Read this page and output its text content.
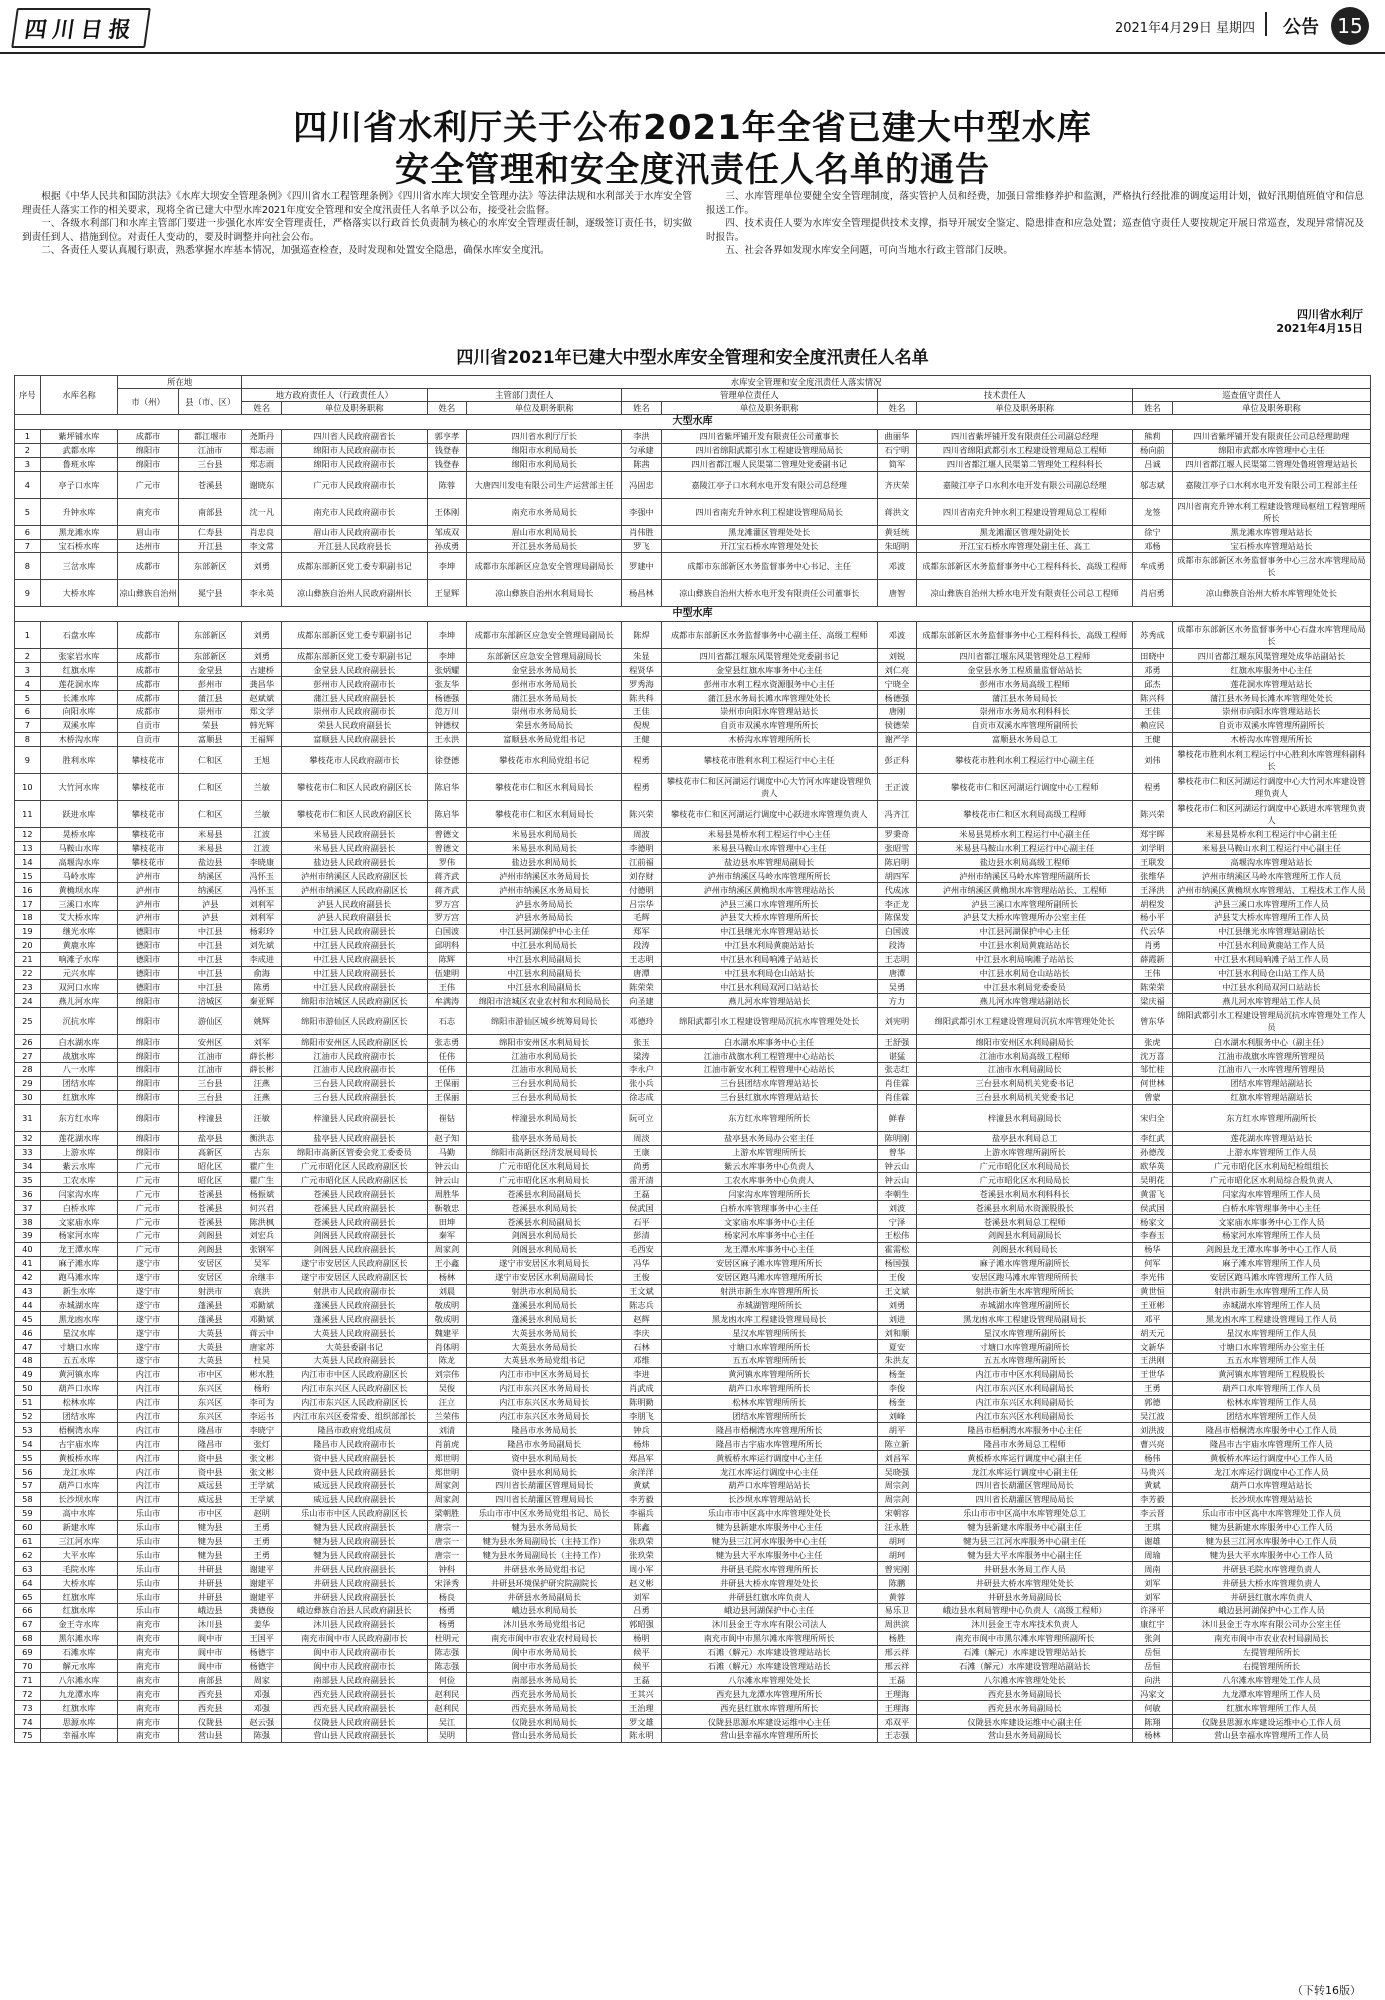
四川日报	2021年4月29日 星期四 公告 15
四川省水利厅关于公布2021年全省已建大中型水库
安全管理和安全度汛责任人名单的通告

根据《中华人民共和国防洪法》《水库大坝安全管理条例》《四川省水工程管理条例》《四川省水库大坝安全管理办法》等法律法规和水利部关于水库安全管理责任人落实工作的相关要求，现将全省已建大中型水库2021年度安全管理和安全度汛责任人名单予以公布，接受社会监督。

一、各级水利部门和水库主管部门要进一步强化水库安全管理责任，严格落实以行政首长负责制为核心的水库安全管理责任制，逐级签订责任书，切实做到责任到人、措施到位。对责任人变动的，要及时调整并向社会公布。

二、各责任人要认真履行职责，熟悉掌握水库基本情况，加强巡查检查，及时发现和处置安全隐患，确保水库安全度汛。

三、水库管理单位要健全安全管理制度，落实管护人员和经费，加强日常维修养护和监测，严格执行经批准的调度运用计划，做好汛期值班值守和信息报送工作。

四、技术责任人要为水库安全管理提供技术支撑，指导开展安全鉴定、隐患排查和应急处置；巡查值守责任人要按规定开展日常巡查，发现异常情况及时报告。

五、社会各界如发现水库安全问题，可向当地水行政主管部门反映。

四川省水利厅
2021年4月15日
四川省2021年已建大中型水库安全管理和安全度汛责任人名单
序号	水库名称	所在地		水库安全管理和安全度汛责任人落实情况									
		市（州）	县（市、区）	地方政府责任人（行政责任人）		主管部门责任人		管理单位责任人		技术责任人		巡查值守责任人	
				姓名	单位及职务职称	姓名	单位及职务职称	姓名	单位及职务职称	姓名	单位及职务职称	姓名	单位及职务职称
大型水库													
1	紫坪铺水库	成都市	都江堰市	尧斯丹	四川省人民政府副省长	郭亨孝	四川省水利厅厅长	李洪	四川省紫坪铺开发有限责任公司董事长	曲丽华	四川省紫坪铺开发有限责任公司副总经理	熊莉	四川省紫坪铺开发有限责任公司总经理助理
2	武都水库	绵阳市	江油市	郑志雨	绵阳市人民政府副市长	钱登春	绵阳市水利局局长	匀承建	四川省绵阳武都引水工程建设管理局局长	石宁明	四川省绵阳武都引水工程建设管理局总工程师	杨向前	绵阳市武都水库管理中心主任
3	鲁班水库	绵阳市	三台县	郑志雨	绵阳市人民政府副市长	钱登春	绵阳市水利局局长	陈茜	四川省都江堰人民渠第二管理处党委副书记	简军	四川省都江堰人民渠第二管理处工程科科长	吕诚	四川省都江堰人民渠第二管理处鲁班管理站站长
4	亭子口水库	广元市	苍溪县	谢晓东	广元市人民政府副市长	陈蓉	大唐四川发电有限公司生产运营部主任	冯固忠	嘉陵江亭子口水利水电开发有限公司总经理	齐庆荣	嘉陵江亭子口水利水电开发有限公司副总经理	邬志斌	嘉陵江亭子口水利水电开发有限公司工程部主任
5	升钟水库	南充市	南部县	沈一凡	南充市人民政府副市长	王体刚	南充市水务局局长	李强中	四川省南充升钟水利工程建设管理局局长	蒋洪文	四川省南充升钟水利工程建设管理局总工程师	龙签	四川省南充升钟水利工程建设管理局枢纽工程管理所所长
6	黑龙滩水库	眉山市	仁寿县	肖忠良	眉山市人民政府副市长	邹成双	眉山市水利局局长	肖伟胜	黑龙滩灌区管理处处长	黄廷统	黑龙滩灌区管理处副处长	徐宁	黑龙滩水库管理站站长
7	宝石桥水库	达州市	开江县	李文常	开江县人民政府县长	孙成勇	开江县水务局局长	罗飞	开江宝石桥水库管理处处长	朱昭明	开江宝石桥水库管理处副主任、高工	邓杨	宝石桥水库管理站站长
8	三岔水库	成都市	东部新区	刘勇	成都东部新区党工委专职副书记	李坤	成都市东部新区应急安全管理局副局长	罗建中	成都市东部新区水务监督事务中心书记、主任	邓波	成都东部新区水务监督事务中心工程科科长、高级工程师	牟成勇	成都市东部新区水务监督事务中心三岔水库管理局局长
9	大桥水库	凉山彝族自治州	冕宁县	李永英	凉山彝族自治州人民政府副州长	王显辉	凉山彝族自治州水利局局长	杨昌林	凉山彝族自治州大桥水电开发有限责任公司董事长	唐智	凉山彝族自治州大桥水电开发有限责任公司总工程师	肖启勇	凉山彝族自治州大桥水库管理处处长
中型水库													
1	石盘水库	成都市	东部新区	刘勇	成都东部新区党工委专职副书记	李坤	成都市东部新区应急安全管理局副局长	陈焊	成都市东部新区水务监督事务中心副主任、高级工程师	邓波	成都东部新区水务监督事务中心工程科科长、高级工程师	苏秀成	成都市东部新区水务监督事务中心石盘水库管理局局长
2	张家岩水库	成都市	东部新区	刘勇	成都东部新区党工委专职副书记	李坤	东部新区应急安全管理局副局长	朱显	四川省都江堰东风渠管理处党委副书记	刘锐	四川省都江堰东风渠管理处总工程师	田晓中	四川省都江堰东风渠管理处成华站副站长
3	红旗水库	成都市	金堂县	古建桥	金堂县人民政府副县长	张炳耀	金堂县水务局局长	程贤华	金堂县红旗水库事务中心主任	刘仁亮	金堂县水务工程质量监督站站长	邓勇	红旗水库服务中心主任
4	莲花洞水库	成都市	彭州市	龚昌华	彭州市人民政府副市长	张友华	彭州市水务局局长	罗秀海	彭州市水利工程水资源服务中心主任	宁晓全	彭州市水务局高级工程师	邱杰	莲花洞水库管理站站长
5	长滩水库	成都市	蒲江县	赵斌斌	蒲江县人民政府副县长	杨德强	蒲江县水务局局长	陈共科	蒲江县水务局长滩水库管理处处长	杨德强	蒲江县水务局局长	陈兴科	蒲江县水务局长滩水库管理处处长
6	向阳水库	成都市	崇州市	郑文学	崇州市人民政府副市长	范万川	崇州市水务局局长	王佳	崇州市向阳水库管理站站长	唐刚	崇州市水务局水利科科长	王佳	崇州市向阳水库管理站站长
7	双溪水库	自贡市	荣县	韩光辉	荣县人民政府副县长	钟德权	荣县水务局局长	倪规	自贡市双溪水库管理所所长	侯德荣	自贡市双溪水库管理所副所长	赖应民	自贡市双溪水库管理所副所长
8	木桥沟水库	自贡市	富顺县	王福辉	富顺县人民政府副县长	王永洪	富顺县水务局党组书记	王健	木桥沟水库管理所所长	谢严学	富顺县水务局总工	王健	木桥沟水库管理所所长
9	胜利水库	攀枝花市	仁和区	王旭	攀枝花市人民政府副市长	徐登德	攀枝花市水利局党组书记	程勇	攀枝花市胜利水利工程运行中心主任	彭正科	攀枝花市胜利水利工程运行中心副主任	刘伟	攀枝花市胜利水利工程运行中心胜利水库管理科副科长
10	大竹河水库	攀枝花市	仁和区	兰敏	攀枝花市仁和区人民政府副区长	陈启华	攀枝花市仁和区水利局局长	程勇	攀枝花市仁和区河湖运行调度中心大竹河水库建设管理负责人	王正波	攀枝花市仁和区河湖运行调度中心工程师	程勇	攀枝花市仁和区河湖运行调度中心大竹河水库建设管理负责人
11	跃进水库	攀枝花市	仁和区	兰敏	攀枝花市仁和区人民政府副区长	陈启华	攀枝花市仁和区水利局局长	陈兴荣	攀枝花市仁和区河湖运行调度中心跃进水库管理负责人	冯齐江	攀枝花市仁和区水利局高级工程师	陈兴荣	攀枝花市仁和区河湖运行调度中心跃进水库管理负责人
12	晃桥水库	攀枝花市	米易县	江波	米易县人民政府副县长	曾德文	米易县水利局局长	周波	米易县晃桥水利工程运行中心主任	罗秉奇	米易县晃桥水利工程运行中心副主任	郑宇晖	米易县晃桥水利工程运行中心副主任
13	马鞍山水库	攀枝花市	米易县	江波	米易县人民政府副县长	曾德文	米易县水利局局长	李德明	米易县马鞍山水库管理中心主任	张昭雪	米易县马鞍山水利工程运行中心副主任	刘学明	米易县马鞍山水利工程运行中心副主任
14	高堰沟水库	攀枝花市	盐边县	李晓康	盐边县人民政府副县长	罗伟	盐边县水利局局长	江前福	盐边县水库管理局副局长	陈启明	盐边县水利局高级工程师	王联发	高堰沟水库管理站站长
15	马岭水库	泸州市	纳溪区	冯怀玉	泸州市纳溪区人民政府副区长	蒋齐武	泸州市纳溪区水务局局长	刘存财	泸州市纳溪区马岭水库管理所所长	胡四军	泸州市纳溪区马岭水库管理所副所长	张维华	泸州市纳溪区马岭水库管理所工作人员
16	黄桷坝水库	泸州市	纳溪区	冯怀玉	泸州市纳溪区人民政府副区长	蒋齐武	泸州市纳溪区水务局局长	付德明	泸州市纳溪区黄桷坝水库管理站站长	代成冰	泸州市纳溪区黄桷坝水库管理站站长、工程师	王泽洪	泸州市纳溪区黄桷坝水库管理站、工程技术工作人员
17	三溪口水库	泸州市	泸县	刘利军	泸县人民政府副县长	罗万宫	泸县水务局局长	吕宗华	泸县三溪口水库管理所所长	李正龙	泸县三溪口水库管理所副所长	胡程发	泸县三溪口水库管理所工作人员
18	艾大桥水库	泸州市	泸县	刘利军	泸县人民政府副县长	罗万宫	泸县水务局局长	毛辉	泸县艾大桥水库管理所所长	陈保发	泸县艾大桥水库管理所办公室主任	杨小平	泸县艾大桥水库管理所工作人员
19	继光水库	德阳市	中江县	杨彩玲	中江县人民政府副县长	白国波	中江县河湖保护中心主任	郑军	中江县继光水库管理站站长	白国波	中江县河湖保护中心主任	代云华	中江县继光水库管理站副站长
20	黄鹿水库	德阳市	中江县	刘先斌	中江县人民政府副县长	邱明科	中江县水利局局长	段涛	中江县水利局黄鹿站站长	段涛	中江县水利局黄鹿站站长	肖勇	中江县水利局黄鹿站工作人员
21	响滩子水库	德阳市	中江县	李成进	中江县人民政府副县长	陈辉	中江县水利局副局长	王志明	中江县水利局响滩子站站长	王志明	中江县水利局响滩子站站长	薛霞新	中江县水利局响滩子站工作人员
22	元兴水库	德阳市	中江县	俞海	中江县人民政府副县长	伍建明	中江县水利局副局长	唐潭	中江县水利局仓山站站长	唐潭	中江县水利局仓山站站长	王伟	中江县水利局仓山站工作人员
23	双河口水库	德阳市	中江县	陈勇	中江县人民政府副县长	王伟	中江县水利局副局长	陈荣荣	中江县水利局双河口站站长	吴勇	中江县水利局党委委员	陈荣荣	中江县水利局双河口站站长
24	燕儿河水库	绵阳市	涪城区	秦亚辉	绵阳市涪城区人民政府副区长	牟满涛	绵阳市涪城区农业农村和水利局局长	向圣建	燕儿河水库管理站站长	方力	燕儿河水库管理站副站长	梁庆福	燕儿河水库管理站工作人员
25	沉抗水库	绵阳市	游仙区	姚辉	绵阳市游仙区人民政府副区长	石志	绵阳市游仙区城乡统筹局局长	邓德玲	绵阳武都引水工程建设管理局沉抗水库管理处处长	刘宪明	绵阳武都引水工程建设管理局沉抗水库管理处处长	曾东华	绵阳武都引水工程建设管理局沉抗水库管理处工作人员
26	白水湖水库	绵阳市	安州区	刘军	绵阳市安州区人民政府副区长	张志勇	绵阳市安州区水利局局长	张玉	白水湖水库事务中心主任	王舒强	绵阳市安州区水利局副局长	张虎	白水湖水利服务中心（副主任）
27	战旗水库	绵阳市	江油市	薛长彬	江油市人民政府副市长	任伟	江油市水利局局长	梁涛	江油市战旗水利工程管理中心站站长	谌猛	江油市水利局高级工程师	沈万喜	江油市战旗水库管理所管理员
28	八一水库	绵阳市	江油市	薛长彬	江油市人民政府副市长	任伟	江油市水利局局长	李永户	江油市新安水利工程管理中心站站长	张志红	江油市水利局副局长	邹忙桂	江油市八一水库管理所管理员
29	团结水库	绵阳市	三台县	汪燕	三台县人民政府副县长	王保丽	三台县水利局局长	张小兵	三台县团结水库管理站站长	肖佳霖	三台县水利局机关党委书记	何世林	团结水库管理站副站长
30	红旗水库	绵阳市	三台县	汪燕	三台县人民政府副县长	王保丽	三台县水利局局长	徐志成	三台县红旗水库管理站站长	肖佳霖	三台县水利局机关党委书记	曾蒙	红旗水库管理站副站长
31	东方红水库	绵阳市	梓潼县	汪敏	梓潼县人民政府副县长	崔钻	梓潼县水利局局长	阮可立	东方红水库管理所所长	鲜春	梓潼县水利局副局长	宋归全	东方红水库管理所副所长
32	莲花湖水库	绵阳市	盐亭县	衡洪志	盐亭县人民政府副县长	赵子知	盐亭县水务局局长	周淡	盐亭县水务局办公室主任	陈明刚	盐亭县水利局总工	李红武	莲花湖水库管理站站长
33	上游水库	绵阳市	高新区	古东	绵阳市高新区管委会党工委委员	马勤	绵阳市高新区经济发展局局长	王康	上游水库管理所所长	曾华	上游水库管理所副所长	孙德茂	上游水库管理所工作人员
34	紫云水库	广元市	昭化区	瞿广生	广元市昭化区人民政府副区长	钟云山	广元市昭化区水利局局长	尚勇	紫云水库事务中心负责人	钟云山	广元市昭化区水利局局长	欧华英	广元市昭化区水利局纪检组组长
35	工农水库	广元市	昭化区	瞿广生	广元市昭化区人民政府副区长	钟云山	广元市昭化区水利局局长	雷开清	工农水库事务中心负责人	钟云山	广元市昭化区水利局局长	吴明花	广元市昭化区水利局综合股负责人
36	闫家沟水库	广元市	苍溪县	杨振斌	苍溪县人民政府副县长	周胜华	苍溪县水利局副局长	王磊	闫家沟水库管理所所长	李朝生	苍溪县水利局水利科科长	黄雷飞	闫家沟水库管理所工作人员
37	白桥水库	广元市	苍溪县	何兴君	苍溪县人民政府副县长	靳敬忠	苍溪县水利局局长	侯武国	白桥水库管理事务中心主任	刘波	苍溪县水利局水资源股股长	侯武国	白桥水库管理事务中心主任
38	文家庙水库	广元市	苍溪县	陈洪枫	苍溪县人民政府副县长	田坤	苍溪县水利局副局长	石平	文家庙水库事务中心主任	宁泽	苍溪县水利局总工程师	杨家文	文家庙水库事务中心工作人员
39	杨家河水库	广元市	剑阁县	刘宏兵	剑阁县人民政府副县长	秦军	剑阁县水利局局长	彭清	杨家河水库事务中心主任	王松伟	剑阁县水利局副局长	李春玉	杨家河水库管理所工作人员
40	龙王潭水库	广元市	剑阁县	张钢军	剑阁县人民政府副县长	周家剑	剑阁县水利局局长	毛西安	龙王潭水库事务中心主任	霍需松	剑阁县水利局局长	杨华	剑阁县龙王潭水库事务中心工作人员
41	麻子滩水库	遂宁市	安居区	吴军	遂宁市安居区人民政府副区长	王小鑫	遂宁市安居区水利局局长	冯华	安居区麻子滩水库管理所所长	杨国强	麻子滩水库管理所副所长	何军	麻子滩水库管理所工作人员
42	跑马滩水库	遂宁市	安居区	余继丰	遂宁市安居区人民政府副区长	杨林	遂宁市安居区水利局副局长	王俊	安居区跑马滩水库管理所所长	王俊	安居区跑马滩水库管理所所长	李光伟	安居区跑马滩水库管理所工作人员
43	新生水库	遂宁市	射洪市	袁洪	射洪市人民政府副市长	刘晨	射洪市水利局局长	王文斌	射洪市新生水库管理所所长	王文斌	射洪市新生水库管理所所长	黄世恒	射洪市新生水库管理所工作人员
44	赤城湖水库	遂宁市	蓬溪县	邓勤斌	蓬溪县人民政府副县长	敬成明	蓬溪县水利局局长	陈志兵	赤城湖管理所所长	刘勇	赤城湖水库管理所副所长	王亚彬	赤城湖水库管理所工作人员
45	黑龙凼水库	遂宁市	蓬溪县	邓勤斌	蓬溪县人民政府副县长	敬成明	蓬溪县水利局局长	赵辉	黑龙凼水库工程建设管理局局长	刘进	黑龙凼水库工程建设管理局副局长	邓平	黑龙凼水库工程建设管理局工作人员
46	星汉水库	遂宁市	大英县	蒋云中	大英县人民政府副县长	魏建平	大英县水务局局长	李庆	星汉水库管理所所长	刘和顺	星汉水库管理所副所长	胡天元	星汉水库管理所工作人员
47	寸塘口水库	遂宁市	大英县	唐家苏	大英县委副书记	肖体明	大英县水务局局长	石林	寸塘口水库管理所所长	夏安	寸塘口水库管理所副所长	文新华	寸塘口水库管理所办公室主任
48	五五水库	遂宁市	大英县	杜昊	大英县人民政府副县长	陈龙	大英县水务局党组书记	邓维	五五水库管理所所长	朱洪友	五五水库管理所副所长	王洪刚	五五水库管理所工作人员
49	黄河镇水库	内江市	市中区	彬水胜	内江市市中区人民政府副区长	刘宗伟	内江市市中区水务局局长	李进	黄河镇水库管理所所长	杨奎	内江市市中区水利局副局长	王世华	黄河镇水库管理所工程股股长
50	葫芦口水库	内江市	东兴区	杨珩	内江市东兴区人民政府副区长	吴俊	内江市东兴区水务局局长	肖武成	葫芦口水库管理所所长	李俊	内江市东兴区水利局副局长	王勇	葫芦口水库管理所工作人员
51	松林水库	内江市	东兴区	李可为	内江市东兴区人民政府副区长	汪立	内江市东兴区水务局局长	陈明勤	松林水库管理所所长	杨奎	内江市东兴区水利局副局长	郭德	松林水库管理所工作人员
52	团结水库	内江市	东兴区	李运书	内江市东兴区委常委、组织部部长	兰荣伟	内江市东兴区水务局局长	李朋飞	团结水库管理所所长	刘峰	内江市东兴区水利局副局长	吴江波	团结水库管理所工作人员
53	梧桐湾水库	内江市	隆昌市	李晓宁	隆昌市政府党组成员	刘清	隆昌市水务局局长	钟兵	隆昌市梧桐湾水库管理所所长	胡平	隆昌市梧桐湾水库服务中心主任	刘洪波	隆昌市梧桐湾水库服务中心工作人员
54	古宇庙水库	内江市	隆昌市	张灯	隆昌市人民政府副市长	肖前虎	隆昌市水务局副局长	杨炜	隆昌市古宇庙水库管理所所长	陈立新	隆昌市水务局总工程师	曹兴亮	隆昌市古宇庙水库管理所工作人员
55	黄板桥水库	内江市	资中县	张文彬	资中县人民政府副县长	郑世明	资中县水利局局长	郑昌军	黄板桥水库运行调度中心主任	刘昌军	黄板桥水库运行调度中心副主任	杨伟	黄板桥水库运行调度中心工作人员
56	龙江水库	内江市	资中县	张文彬	资中县人民政府副县长	郑世明	资中县水利局局长	余洋洋	龙江水库运行调度中心主任	吴晓强	龙江水库运行调度中心副主任	马贵兴	龙江水库运行调度中心工作人员
57	葫芦口水库	内江市	威远县	王学斌	威远县人民政府副县长	周家剑	四川省长葫灌区管理局局长	黄斌	葫芦口水库管理站站长	周宗剑	四川省长葫灌区管理局局长	黄斌	葫芦口水库管理站站长
58	长沙坝水库	内江市	威远县	王学斌	威远县人民政府副县长	周家剑	四川省长葫灌区管理局局长	李芳毅	长沙坝水库管理站站长	周宗剑	四川省长葫灌区管理局局长	李芳毅	长沙坝水库管理站站长
59	高中水库	乐山市	市中区	赵明	乐山市市中区人民政府副区长	梁朝胜	乐山市市中区水务局党组书记、局长	李福兵	乐山市市中区高中水库管理处处长	宋朝容	乐山市市中区高中水库管理处总工	李云晋	乐山市市中区高中水库管理处工作人员
60	新建水库	乐山市	犍为县	王勇	犍为县人民政府副县长	唐宗一	犍为县水务局局长	陈鑫	犍为县新建水库服务中心主任	汪永胜	犍为县新建水库服务中心副主任	王琪	犍为县新建水库服务中心工作人员
61	三江河水库	乐山市	犍为县	王勇	犍为县人民政府副县长	唐宗一	犍为县水务局副局长（主持工作）	张玖荣	犍为县三江河水库服务中心主任	胡珂	犍为县三江河水库服务中心副主任	谢雄	犍为县三江河水库服务中心工作人员
62	大平水库	乐山市	犍为县	王勇	犍为县人民政府副县长	唐宗一	犍为县水务局副局长（主持工作）	张玖荣	犍为县大平水库服务中心主任	胡珂	犍为县大平水库服务中心副主任	周瑜	犍为县大平水库服务中心工作人员
63	毛院水库	乐山市	井研县	谢建平	井研县人民政府副县长	钟科	井研县水务局党组书记	周小军	井研县毛院水库管理所所长	曾宪刚	井研县水务局工作人员	周南	井研县毛院水库管理负责人
64	大桥水库	乐山市	井研县	谢建平	井研县人民政府副县长	宋泽秀	井研县环境保护研究院副院长	赵义彬	井研县大桥水库管理处处长	陈鹏	井研县大桥水库管理处处长	刘军	井研县大桥水库管理负责人
65	红旗水库	乐山市	井研县	谢建平	井研县人民政府副县长	杨良	井研县水务局副局长	刘军	井研县红旗水库负责人	黄蓉	井研县水务局副局长	刘军	井研县红旗水库负责人
66	红旗水库	乐山市	峨边县	龚德俊	峨边彝族自治县人民政府副县长	杨勇	峨边县水利局局长	吕勇	峨边县河湖保护中心主任	易乐卫	峨边县水利局管理中心负责人（高级工程师）	许泽平	峨边县河湖保护中心工作人员
67	金王寺水库	南充市	沐川县	姜华	沐川县人民政府副县长	杨勇	沐川县水务局党组书记	郭昭强	沐川县金王寺水库有限公司法人	周洪滨	沐川县金王寺水库技术负责人	康红宇	沐川县金王寺水库有限公司办公室主任
68	黑尔滩水库	南充市	阆中市	王国平	南充市阆中市人民政府副市长	杜明元	南充市阆中市农业农村局局长	杨明	南充市阆中市黑尔滩水库管理所所长	杨胜	南充市阆中市黑尔滩水库管理所副所长	张剑	南充市阆中市农业农村局副局长
69	石滩水库	南充市	阆中市	杨德宇	阆中市人民政府副市长	陈志强	阆中市水务局局长	候平	石滩（解元）水库建设管理站站长	邢云祥	石滩（解元）水库建设管理站站长	岳恒	左提管理所所长
70	解元水库	南充市	阆中市	杨德宇	阆中市人民政府副市长	陈志强	阆中市水务局局长	候平	石滩（解元）水库建设管理站站长	邢云祥	石滩（解元）水库建设管理站副站长	岳恒	右提管理所所长
71	八尔滩水库	南充市	南部县	周家	南部县人民政府副县长	何俭	南部县水务局局长	王磊	八尔滩水库管理处处长	王磊	八尔滩水库管理处处长	向洪	八尔滩水库管理处工作人员
72	九龙潭水库	南充市	西充县	邓强	西充县人民政府副县长	赵利民	西充县水务局局长	王其兴	西充县九龙潭水库管理所所长	王理海	西充县水务局副局长	冯家文	九龙潭水库管理所工作人员
73	红旗水库	南充市	西充县	邓强	西充县人民政府副县长	赵利民	西充县水务局局长	王治理	西充县红旗水库管理所所长	王理海	西充县水务局副局长	何敏	红旗水库管理所工作人员
74	思源水库	南充市	仪陇县	赵云强	仪陇县人民政府副县长	吴江	仪陇县水利局局长	罗文雄	仪陇县思源水库建设运维中心主任	邓双平	仪陇县水库建设运维中心副主任	陈翔	仪陇县思源水库建设运维中心工作人员
75	幸福水库	南充市	营山县	陈强	营山县人民政府副县长	吴明	营山县水务局局长	陈永明	营山县幸福水库管理所所长	王志强	营山县水务局副局长	杨林	营山县幸福水库管理所工作人员
（下转16版）
